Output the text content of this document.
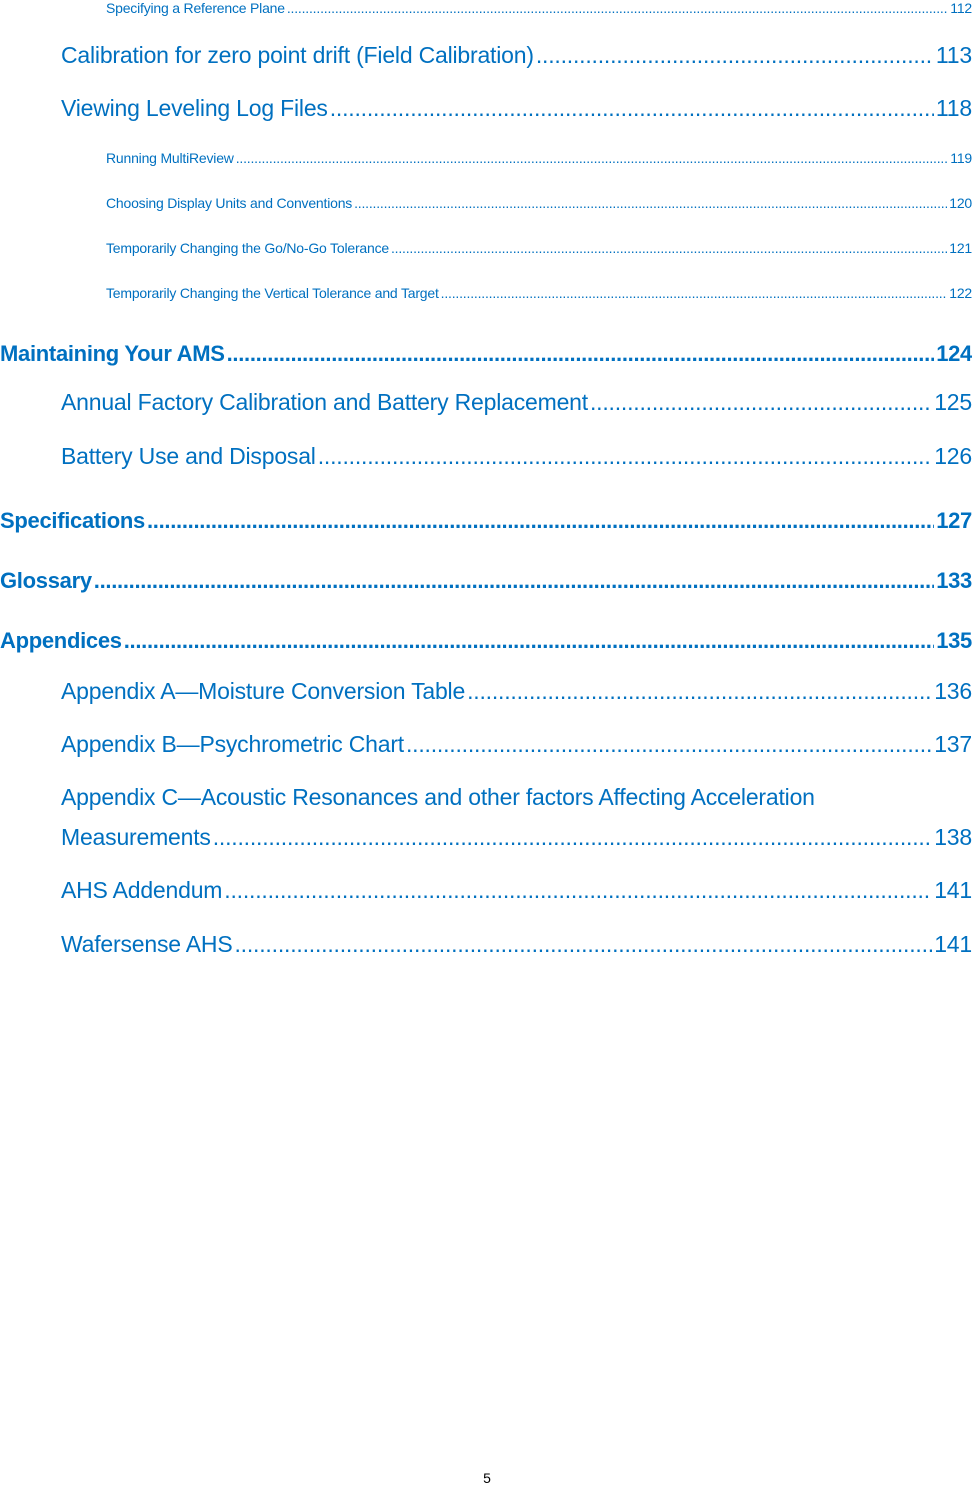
Specifying a Reference Plane .....	112
Calibration for zero point drift (Field Calibration) .....	113
Viewing Leveling Log Files .....	118
Running MultiReview .....	119
Choosing Display Units and Conventions .....	120
Temporarily Changing the Go/No-Go Tolerance .....	121
Temporarily Changing the Vertical Tolerance and Target .....	122
Maintaining Your AMS .....	124
Annual Factory Calibration and Battery Replacement .....	125
Battery Use and Disposal .....	126
Specifications .....	127
Glossary .....	133
Appendices .....	135
Appendix A—Moisture Conversion Table .....	136
Appendix B—Psychrometric Chart .....	137
Appendix C—Acoustic Resonances and other factors Affecting Acceleration
Measurements .....	138
AHS Addendum .....	141
Wafersense AHS .....	141
5
